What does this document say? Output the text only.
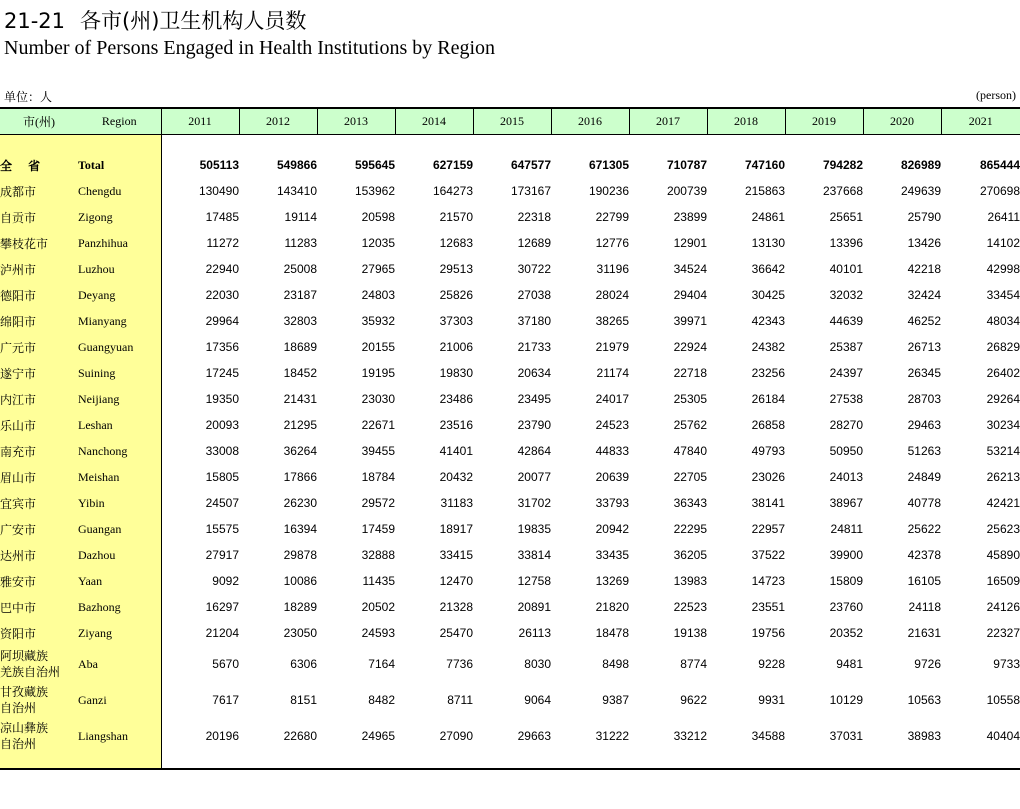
21-21 各市(州)卫生机构人员数
Number of Persons Engaged in Health Institutions by Region
单位：人	(person)
市(州)	Region	2011	2012	2013	2014	2015	2016	2017	2018	2019	2020	2021

全 省	Total	505113	549866	595645	627159	647577	671305	710787	747160	794282	826989	865444
成都市	Chengdu	130490	143410	153962	164273	173167	190236	200739	215863	237668	249639	270698
自贡市	Zigong	17485	19114	20598	21570	22318	22799	23899	24861	25651	25790	26411
攀枝花市	Panzhihua	11272	11283	12035	12683	12689	12776	12901	13130	13396	13426	14102
泸州市	Luzhou	22940	25008	27965	29513	30722	31196	34524	36642	40101	42218	42998
德阳市	Deyang	22030	23187	24803	25826	27038	28024	29404	30425	32032	32424	33454
绵阳市	Mianyang	29964	32803	35932	37303	37180	38265	39971	42343	44639	46252	48034
广元市	Guangyuan	17356	18689	20155	21006	21733	21979	22924	24382	25387	26713	26829
遂宁市	Suining	17245	18452	19195	19830	20634	21174	22718	23256	24397	26345	26402
内江市	Neijiang	19350	21431	23030	23486	23495	24017	25305	26184	27538	28703	29264
乐山市	Leshan	20093	21295	22671	23516	23790	24523	25762	26858	28270	29463	30234
南充市	Nanchong	33008	36264	39455	41401	42864	44833	47840	49793	50950	51263	53214
眉山市	Meishan	15805	17866	18784	20432	20077	20639	22705	23026	24013	24849	26213
宜宾市	Yibin	24507	26230	29572	31183	31702	33793	36343	38141	38967	40778	42421
广安市	Guangan	15575	16394	17459	18917	19835	20942	22295	22957	24811	25622	25623
达州市	Dazhou	27917	29878	32888	33415	33814	33435	36205	37522	39900	42378	45890
雅安市	Yaan	9092	10086	11435	12470	12758	13269	13983	14723	15809	16105	16509
巴中市	Bazhong	16297	18289	20502	21328	20891	21820	22523	23551	23760	24118	24126
资阳市	Ziyang	21204	23050	24593	25470	26113	18478	19138	19756	20352	21631	22327

阿坝藏族
羌族自治州	Aba	5670	6306	7164	7736	8030	8498	8774	9228	9481	9726	9733

甘孜藏族
自治州	Ganzi	7617	8151	8482	8711	9064	9387	9622	9931	10129	10563	10558

凉山彝族
自治州	Liangshan	20196	22680	24965	27090	29663	31222	33212	34588	37031	38983	40404
